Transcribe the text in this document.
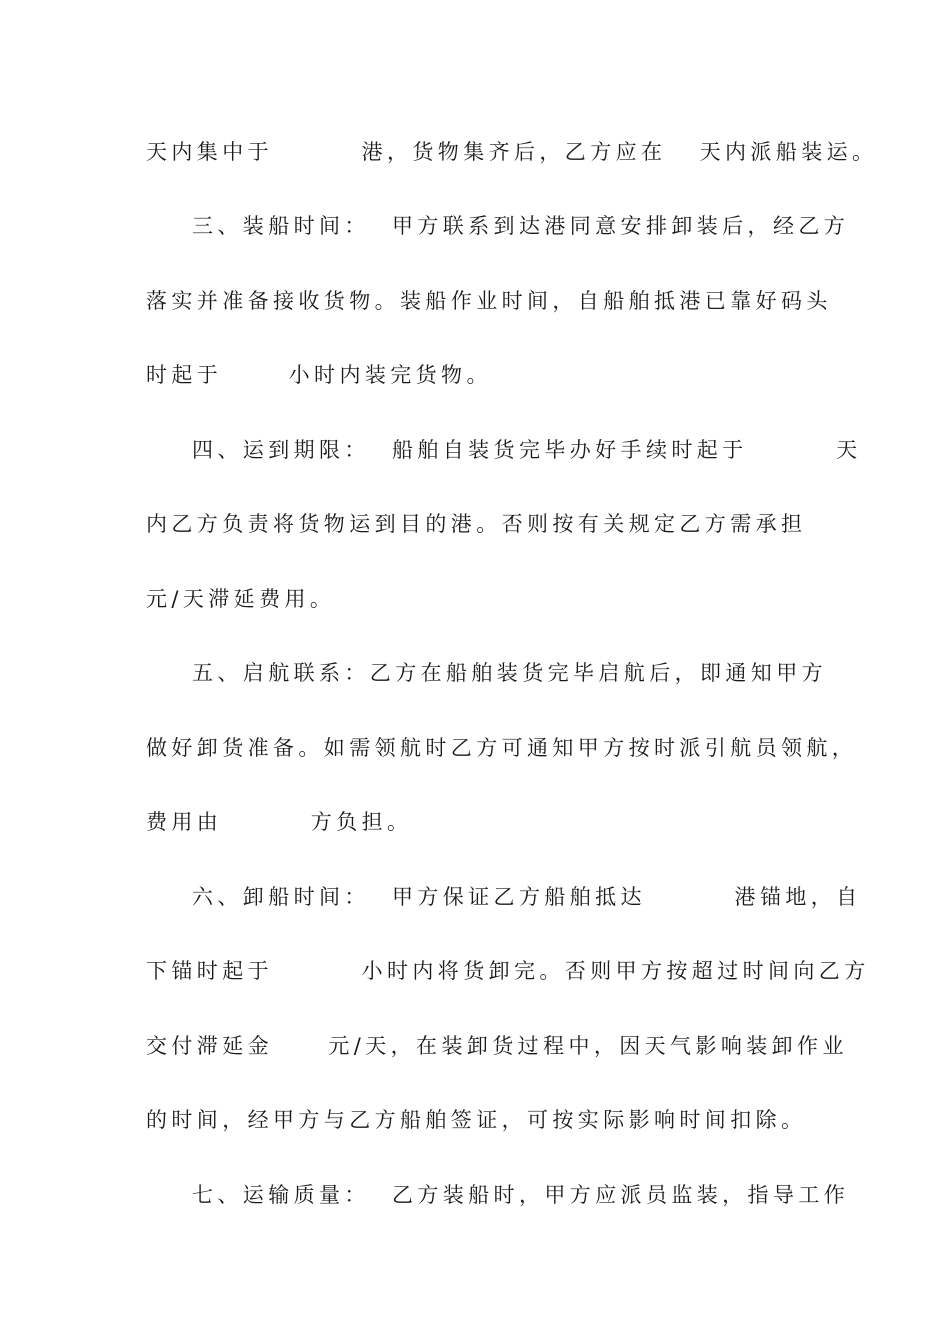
天内集中于        港，货物集齐后，乙方应在   天内派船装运。
三、装船时间：  甲方联系到达港同意安排卸装后，经乙方
落实并准备接收货物。装船作业时间，自船舶抵港已靠好码头
时起于      小时内装完货物。
四、运到期限：  船舶自装货完毕办好手续时起于        天
内乙方负责将货物运到目的港。否则按有关规定乙方需承担
元/天滞延费用。
五、启航联系：乙方在船舶装货完毕启航后，即通知甲方
做好卸货准备。如需领航时乙方可通知甲方按时派引航员领航，
费用由        方负担。
六、卸船时间：  甲方保证乙方船舶抵达        港锚地，自
下锚时起于        小时内将货卸完。否则甲方按超过时间向乙方
交付滞延金     元/天，在装卸货过程中，因天气影响装卸作业
的时间，经甲方与乙方船舶签证，可按实际影响时间扣除。
七、运输质量：  乙方装船时，甲方应派员监装，指导工作
